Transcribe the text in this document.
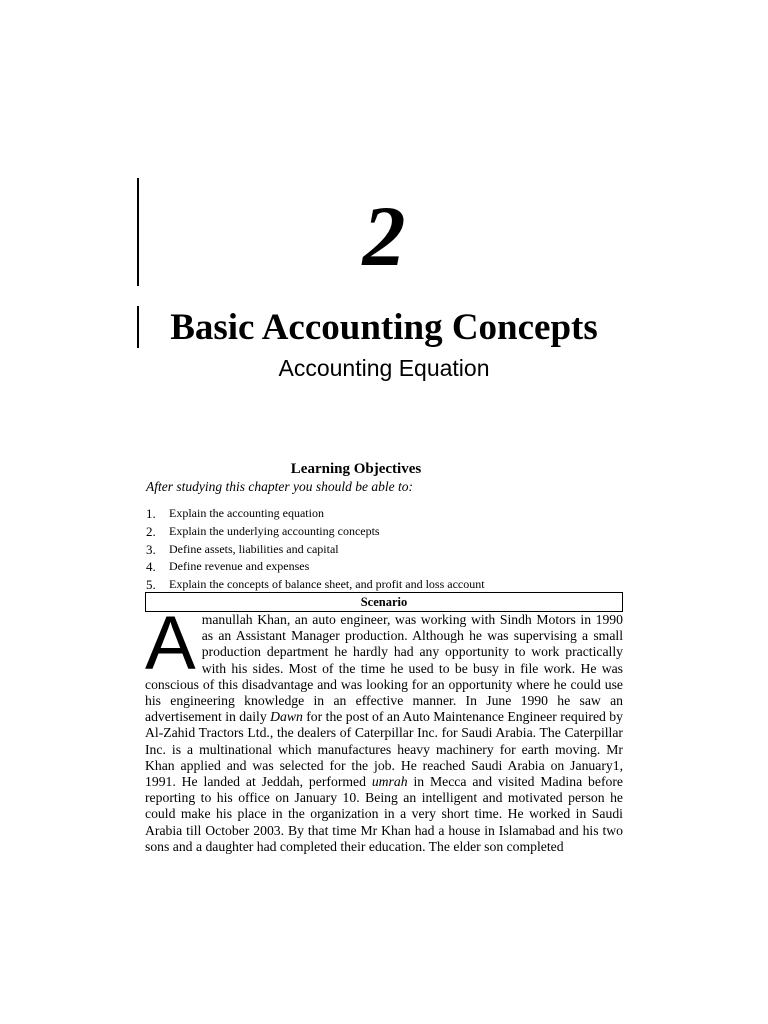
2
Basic Accounting Concepts
Accounting Equation
Learning Objectives
After studying this chapter you should be able to:
1.	Explain the accounting equation
2.	Explain the underlying accounting concepts
3.	Define assets, liabilities and capital
4.	Define revenue and expenses
5.	Explain the concepts of balance sheet, and profit and loss account
Scenario
Amanullah Khan, an auto engineer, was working with Sindh Motors in 1990 as an Assistant Manager production. Although he was supervising a small production department he hardly had any opportunity to work practically with his sides. Most of the time he used to be busy in file work. He was conscious of this disadvantage and was looking for an opportunity where he could use his engineering knowledge in an effective manner. In June 1990 he saw an advertisement in daily Dawn for the post of an Auto Maintenance Engineer required by Al-Zahid Tractors Ltd., the dealers of Caterpillar Inc. for Saudi Arabia. The Caterpillar Inc. is a multinational which manufactures heavy machinery for earth moving. Mr Khan applied and was selected for the job. He reached Saudi Arabia on January1, 1991. He landed at Jeddah, performed umrah in Mecca and visited Madina before reporting to his office on January 10. Being an intelligent and motivated person he could make his place in the organization in a very short time. He worked in Saudi Arabia till October 2003. By that time Mr Khan had a house in Islamabad and his two sons and a daughter had completed their education. The elder son completed
